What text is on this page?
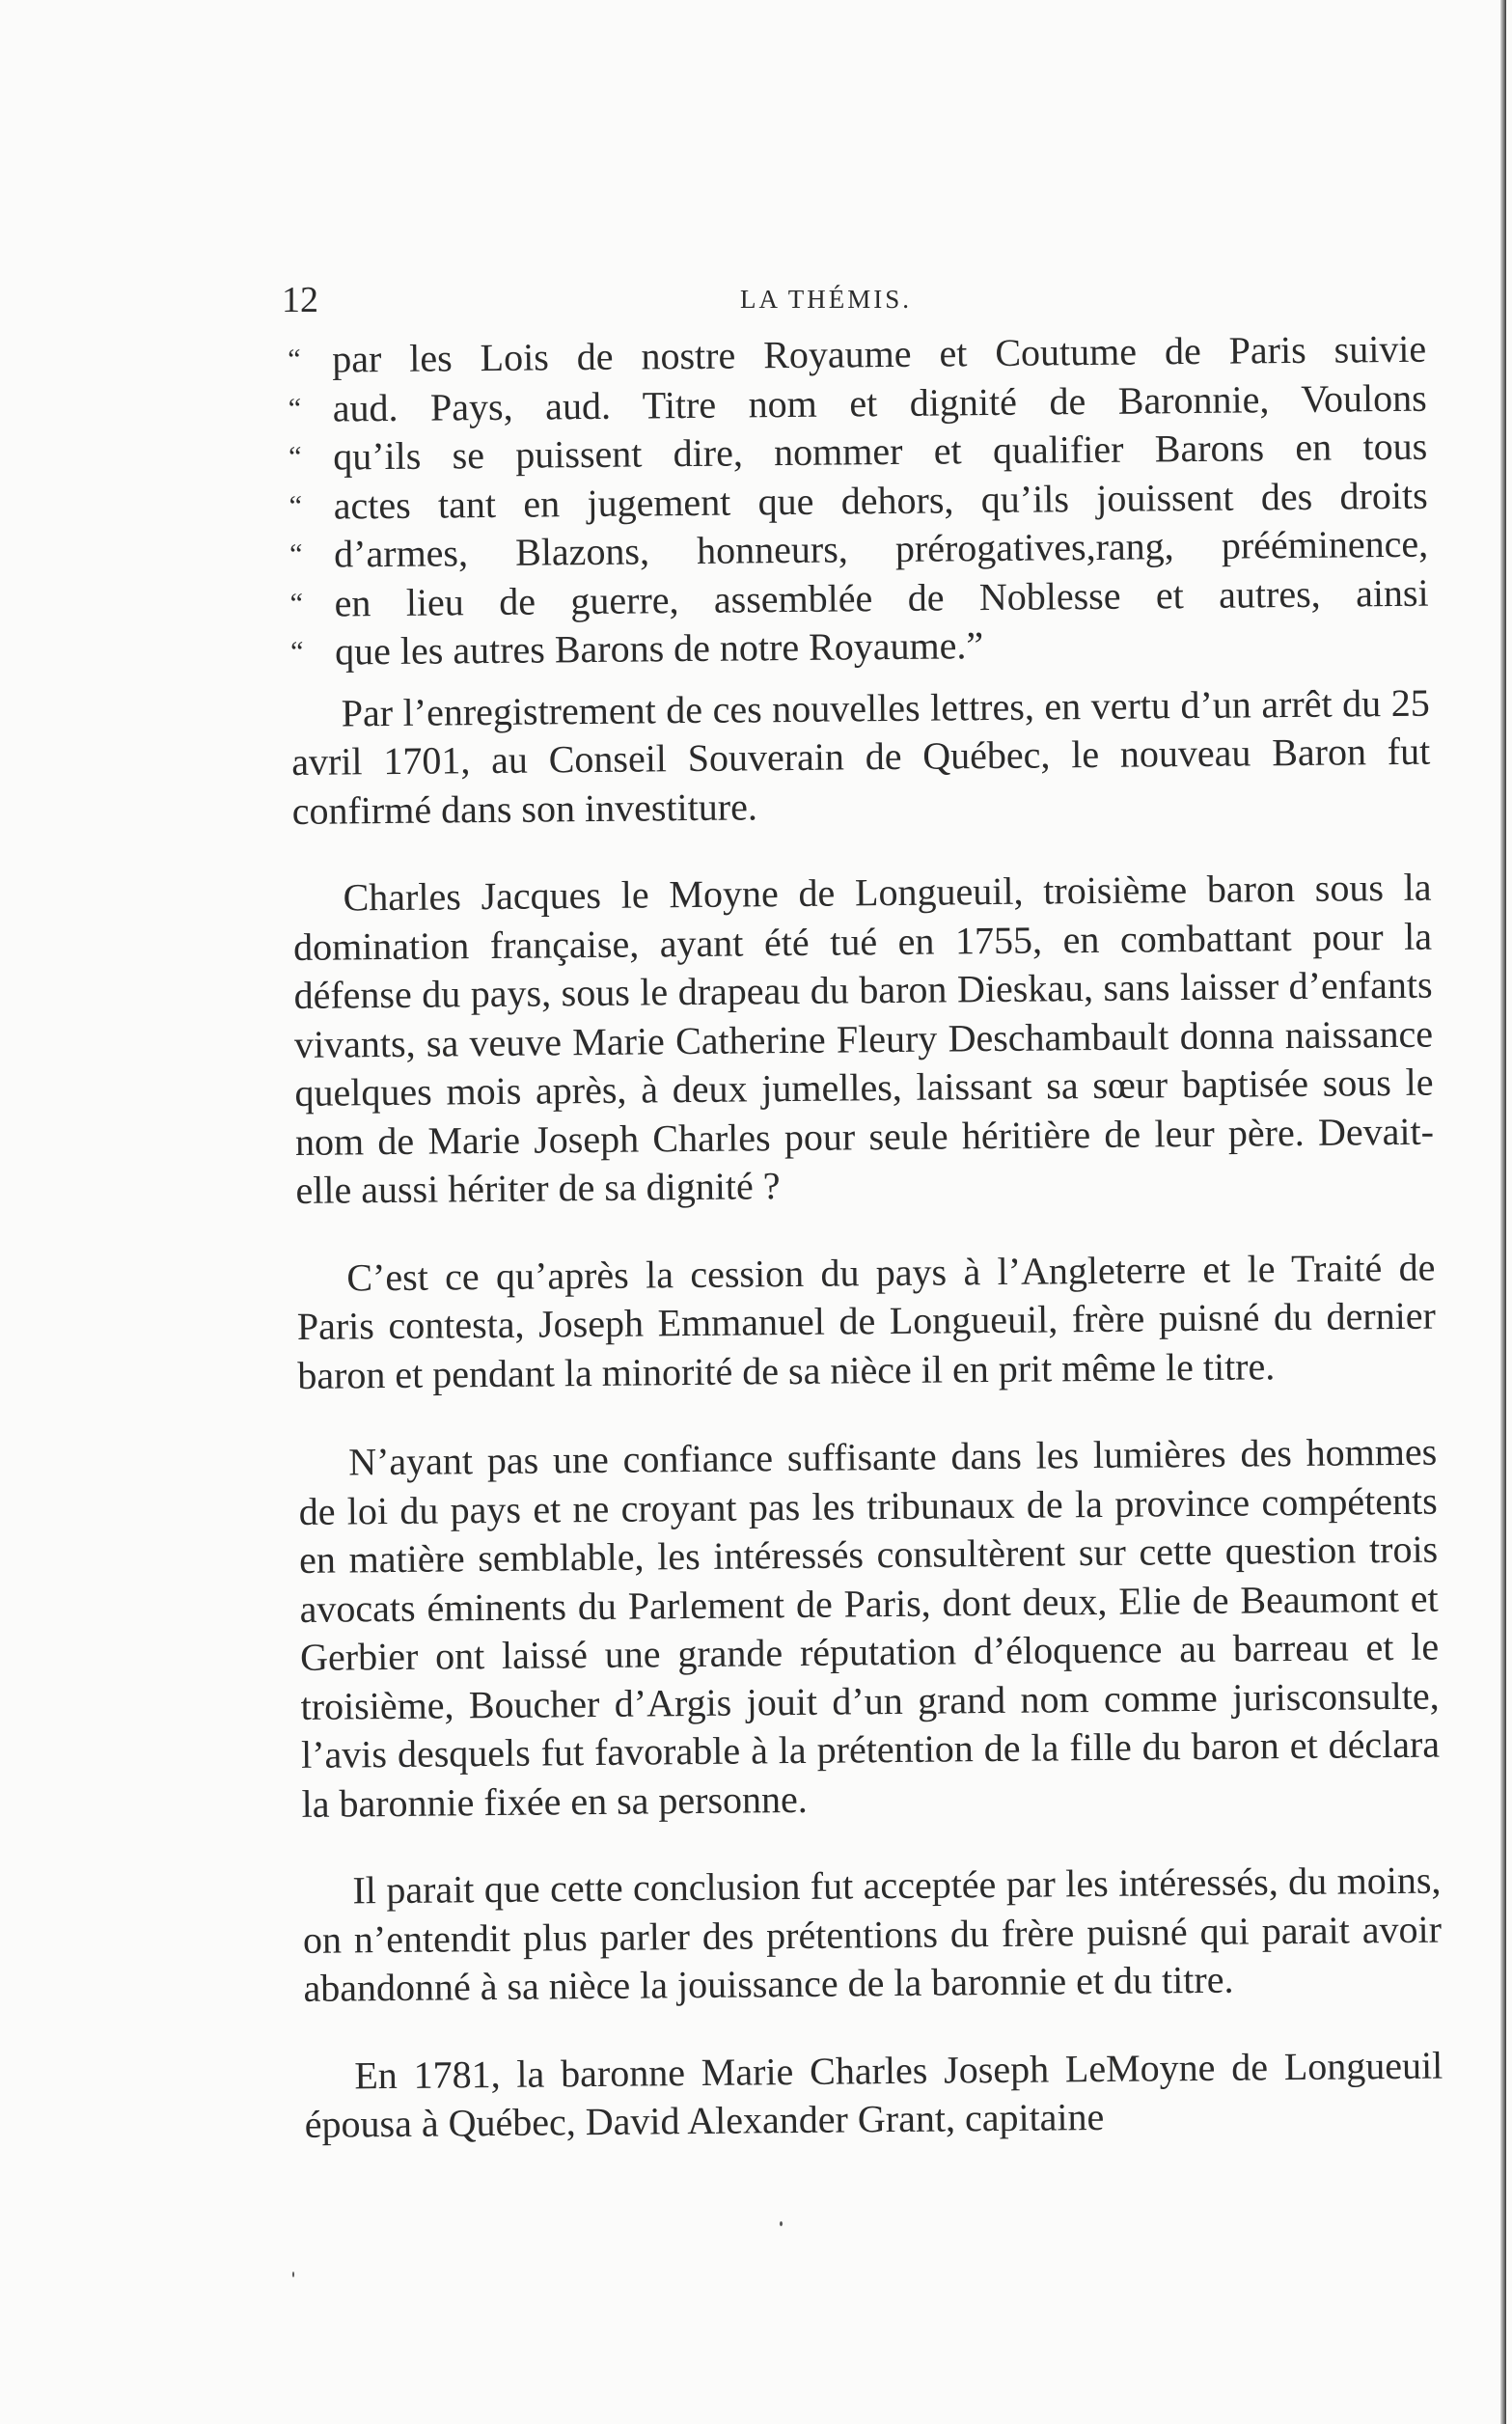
12	LA THÉMIS.
“ par les Lois de nostre Royaume et Coutume de Paris suivie
“ aud. Pays, aud. Titre nom et dignité de Baronnie, Voulons
“ qu’ils se puissent dire, nommer et qualifier Barons en tous
“ actes tant en jugement que dehors, qu’ils jouissent des droits
“ d’armes, Blazons, honneurs, prérogatives,rang, prééminence,
“ en lieu de guerre, assemblée de Noblesse et autres, ainsi
“ que les autres Barons de notre Royaume.”

Par l’enregistrement de ces nouvelles lettres, en vertu d’un arrêt du 25 avril 1701, au Conseil Souverain de Québec, le nouveau Baron fut confirmé dans son investiture.

Charles Jacques le Moyne de Longueuil, troisième baron sous la domination française, ayant été tué en 1755, en combattant pour la défense du pays, sous le drapeau du baron Dieskau, sans laisser d’enfants vivants, sa veuve Marie Catherine Fleury Deschambault donna naissance quelques mois après, à deux jumelles, laissant sa sœur baptisée sous le nom de Marie Joseph Charles pour seule héritière de leur père. Devait-elle aussi hériter de sa dignité ?

C’est ce qu’après la cession du pays à l’Angleterre et le Traité de Paris contesta, Joseph Emmanuel de Longueuil, frère puisné du dernier baron et pendant la minorité de sa nièce il en prit même le titre.

N’ayant pas une confiance suffisante dans les lumières des hommes de loi du pays et ne croyant pas les tribunaux de la province compétents en matière semblable, les intéressés consultèrent sur cette question trois avocats éminents du Parlement de Paris, dont deux, Elie de Beaumont et Gerbier ont laissé une grande réputation d’éloquence au barreau et le troisième, Boucher d’Argis jouit d’un grand nom comme jurisconsulte, l’avis desquels fut favorable à la prétention de la fille du baron et déclara la baronnie fixée en sa personne.

Il parait que cette conclusion fut acceptée par les intéressés, du moins, on n’entendit plus parler des prétentions du frère puisné qui parait avoir abandonné à sa nièce la jouissance de la baronnie et du titre.

En 1781, la baronne Marie Charles Joseph LeMoyne de Longueuil épousa à Québec, David Alexander Grant, capitaine
